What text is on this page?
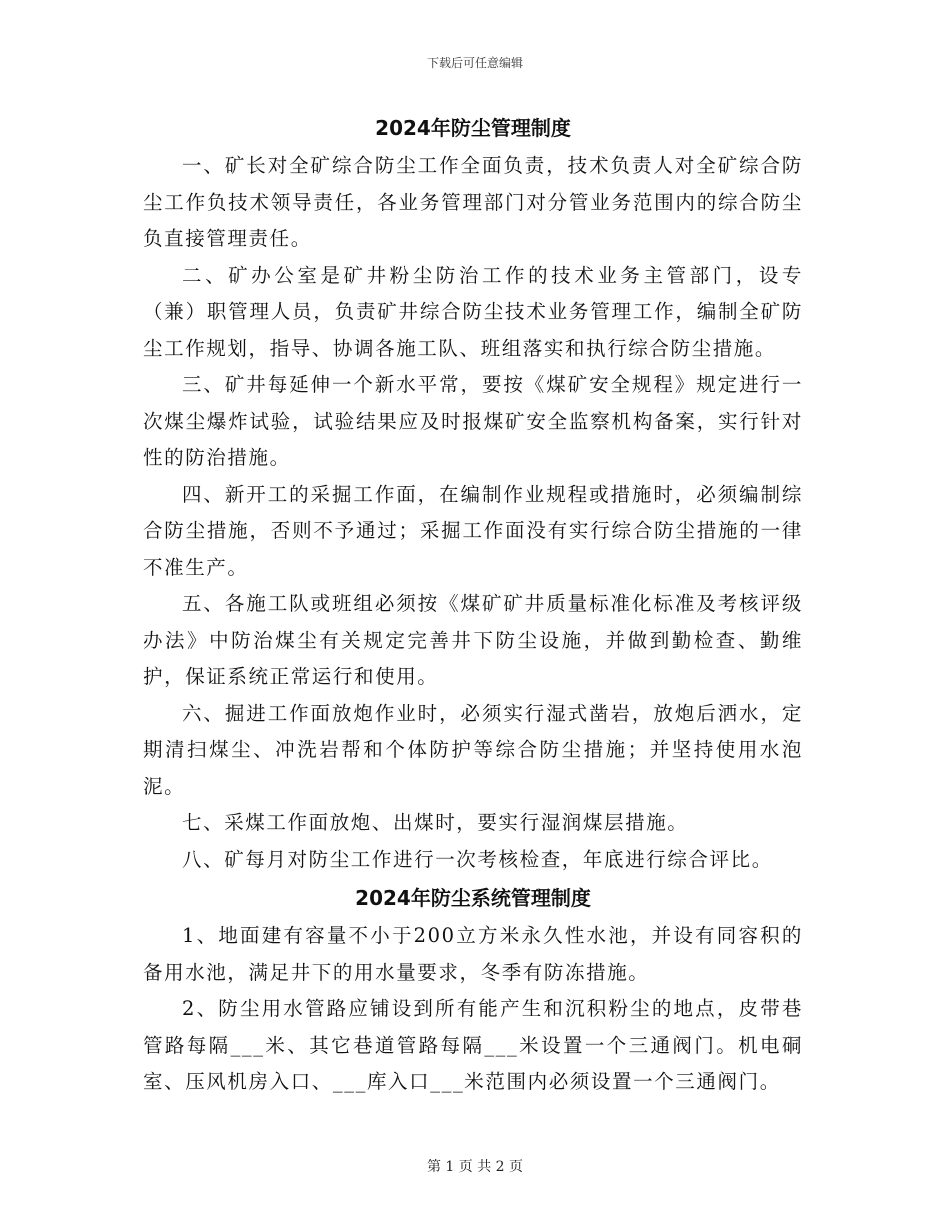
下载后可任意编辑
2024年防尘管理制度

一、矿长对全矿综合防尘工作全面负责，技术负责人对全矿综合防尘工作负技术领导责任，各业务管理部门对分管业务范围内的综合防尘负直接管理责任。

二、矿办公室是矿井粉尘防治工作的技术业务主管部门，设专（兼）职管理人员，负责矿井综合防尘技术业务管理工作，编制全矿防尘工作规划，指导、协调各施工队、班组落实和执行综合防尘措施。

三、矿井每延伸一个新水平常，要按《煤矿安全规程》规定进行一次煤尘爆炸试验，试验结果应及时报煤矿安全监察机构备案，实行针对性的防治措施。

四、新开工的采掘工作面，在编制作业规程或措施时，必须编制综合防尘措施，否则不予通过；采掘工作面没有实行综合防尘措施的一律不准生产。

五、各施工队或班组必须按《煤矿矿井质量标准化标准及考核评级办法》中防治煤尘有关规定完善井下防尘设施，并做到勤检查、勤维护，保证系统正常运行和使用。

六、掘进工作面放炮作业时，必须实行湿式凿岩，放炮后洒水，定期清扫煤尘、冲洗岩帮和个体防护等综合防尘措施；并坚持使用水泡泥。

七、采煤工作面放炮、出煤时，要实行湿润煤层措施。

八、矿每月对防尘工作进行一次考核检查，年底进行综合评比。

2024年防尘系统管理制度

1、地面建有容量不小于200立方米永久性水池，并设有同容积的备用水池，满足井下的用水量要求，冬季有防冻措施。

2、防尘用水管路应铺设到所有能产生和沉积粉尘的地点，皮带巷管路每隔___米、其它巷道管路每隔___米设置一个三通阀门。机电硐室、压风机房入口、___库入口___米范围内必须设置一个三通阀门。

第 1 页 共 2 页
